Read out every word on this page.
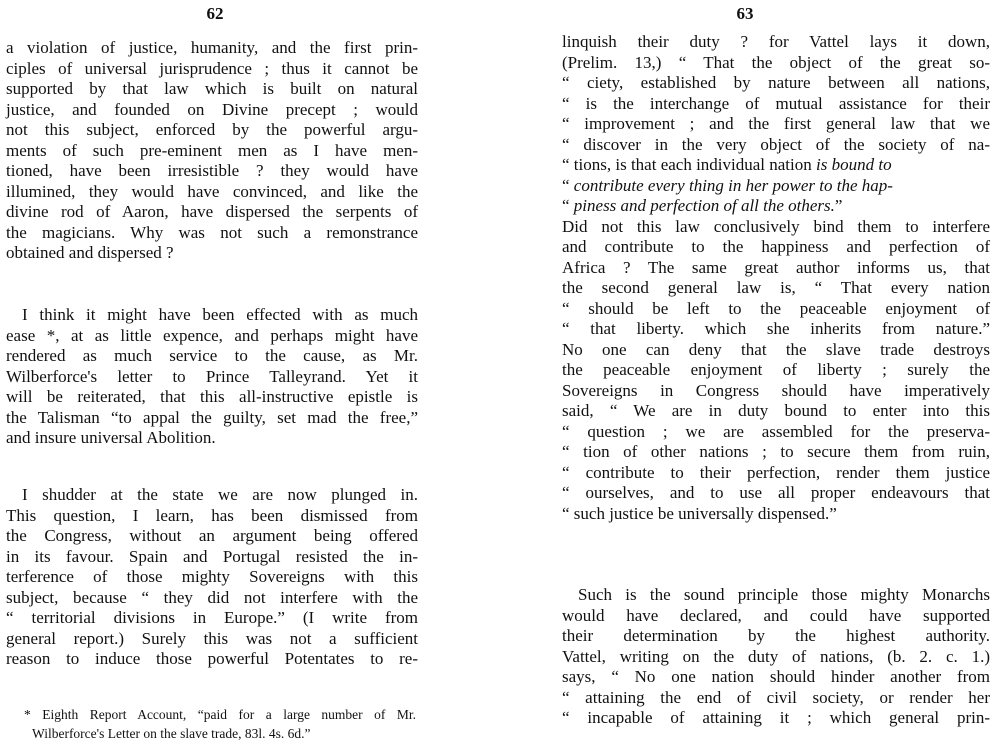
62
a violation of justice, humanity, and the first prin-
ciples of universal jurisprudence ; thus it cannot be
supported by that law which is built on natural
justice, and founded on Divine precept ; would
not this subject, enforced by the powerful argu-
ments of such pre-eminent men as I have men-
tioned, have been irresistible ? they would have
illumined, they would have convinced, and like the
divine rod of Aaron, have dispersed the serpents of
the magicians. Why was not such a remonstrance
obtained and dispersed ?
I think it might have been effected with as much
ease *, at as little expence, and perhaps might have
rendered as much service to the cause, as Mr.
Wilberforce's letter to Prince Talleyrand. Yet it
will be reiterated, that this all-instructive epistle is
the Talisman “to appal the guilty, set mad the free,”
and insure universal Abolition.
I shudder at the state we are now plunged in.
This question, I learn, has been dismissed from
the Congress, without an argument being offered
in its favour. Spain and Portugal resisted the in-
terference of those mighty Sovereigns with this
subject, because “ they did not interfere with the
“ territorial divisions in Europe.” (I write from
general report.) Surely this was not a sufficient
reason to induce those powerful Potentates to re-
* Eighth Report Account, “paid for a large number of Mr.
Wilberforce's Letter on the slave trade, 83l. 4s. 6d.”
63
linquish their duty ? for Vattel lays it down,
(Prelim. 13,) “ That the object of the great so-
“ ciety, established by nature between all nations,
“ is the interchange of mutual assistance for their
“ improvement ; and the first general law that we
“ discover in the very object of the society of na-
“ tions, is that each individual nation is bound to
“ contribute every thing in her power to the hap-
“ piness and perfection of all the others.”
Did not this law conclusively bind them to interfere
and contribute to the happiness and perfection of
Africa ? The same great author informs us, that
the second general law is, “ That every nation
“ should be left to the peaceable enjoyment of
“ that liberty. which she inherits from nature.”
No one can deny that the slave trade destroys
the peaceable enjoyment of liberty ; surely the
Sovereigns in Congress should have imperatively
said, “ We are in duty bound to enter into this
“ question ; we are assembled for the preserva-
“ tion of other nations ; to secure them from ruin,
“ contribute to their perfection, render them justice
“ ourselves, and to use all proper endeavours that
“ such justice be universally dispensed.”
Such is the sound principle those mighty Monarchs
would have declared, and could have supported
their determination by the highest authority.
Vattel, writing on the duty of nations, (b. 2. c. 1.)
says, “ No one nation should hinder another from
“ attaining the end of civil society, or render her
“ incapable of attaining it ; which general prin-
